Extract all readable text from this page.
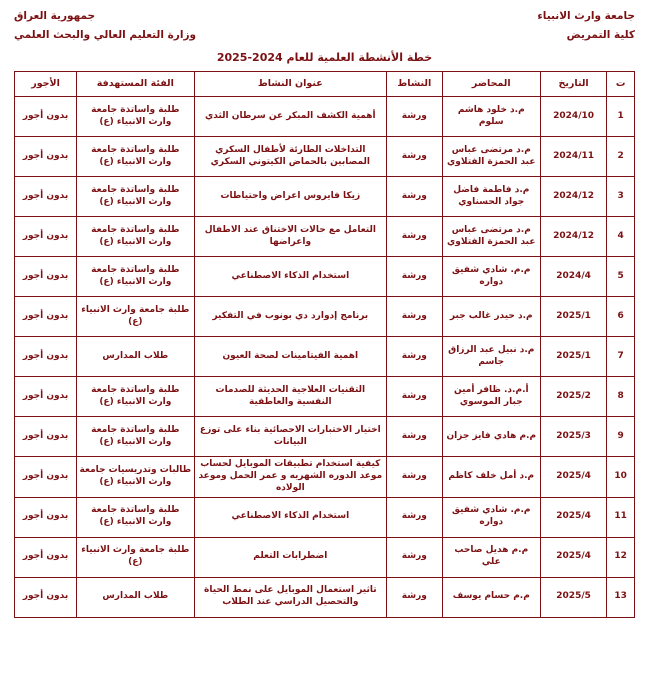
جامعة وارث الانبياء
كلية التمريض
جمهورية العراق
وزارة التعليم العالي والبحث العلمي
خطة الأنشطة العلمية للعام 2024-2025
ت	التاريخ	المحاضر	النشاط	عنوان النشاط	الفئة المستهدفة	الأجور

1	2024/10	م.د خلود هاشم سلوم	ورشة	أهمية الكشف المبكر عن سرطان الثدي	طلبة واساتذة جامعة وارث الانبياء (ع)	بدون أجور

2	2024/11	م.د مرتضى عباس عبد الحمزة الفتلاوي	ورشة	التداخلات الطارئة لأطفال السكري المصابين بالحماض الكيتوني السكري	طلبة واساتذة جامعة وارث الانبياء (ع)	بدون أجور

3	2024/12	م.د فاطمة فاضل جواد الحسناوي	ورشة	زيكا فايروس اعراض واحتياطات	طلبة واساتذة جامعة وارث الانبياء (ع)	بدون أجور

4	2024/12	م.د مرتضى عباس عبد الحمزة الفتلاوي	ورشة	التعامل مع حالات الاختناق عند الاطفال واعراضها	طلبة واساتذة جامعة وارث الانبياء (ع)	بدون أجور

5	2024/4	م.م. شادي شفيق دواره	ورشة	استخدام الذكاء الاصطناعي	طلبة واساتذة جامعة وارث الانبياء (ع)	بدون أجور

6	2025/1	م.د حيدر غالب جبر	ورشة	برنامج إدوارد دي بونوب في التفكير	طلبة جامعة وارث الانبياء (ع)	بدون أجور

7	2025/1	م.د نبيل عبد الرزاق جاسم	ورشة	اهمية الفيتامينات لصحة العيون	طلاب المدارس	بدون أجور

8	2025/2	أ.م.د. ظافر أمين جبار الموسوي	ورشة	التقنيات العلاجية الحديثة للصدمات النفسية والعاطفية	طلبة واساتذة جامعة وارث الانبياء (ع)	بدون أجور

9	2025/3	م.م هادي فايز جزان	ورشة	اختيار الاختبارات الاحصائية بناء على توزع البيانات	طلبة واساتذة جامعة وارث الانبياء (ع)	بدون أجور

10	2025/4	م.د أمل خلف كاظم	ورشة	كيفية استخدام تطبيقات الموبايل لحساب موعد الدوره الشهريه و عمر الحمل وموعد الولاده	طالبات وتدريسيات جامعة وارث الانبياء (ع)	بدون أجور

11	2025/4	م.م. شادي شفيق دواره	ورشة	استخدام الذكاء الاصطناعي	طلبة واساتذة جامعة وارث الانبياء (ع)	بدون أجور

12	2025/4	م.م هديل صاحب علي	ورشة	اضطرابات التعلم	طلبة جامعة وارث الانبياء (ع)	بدون أجور

13	2025/5	م.م حسام يوسف	ورشة	تاثير استعمال الموبايل على نمط الحياة والتحصيل الدراسي عند الطلاب	طلاب المدارس	بدون أجور
